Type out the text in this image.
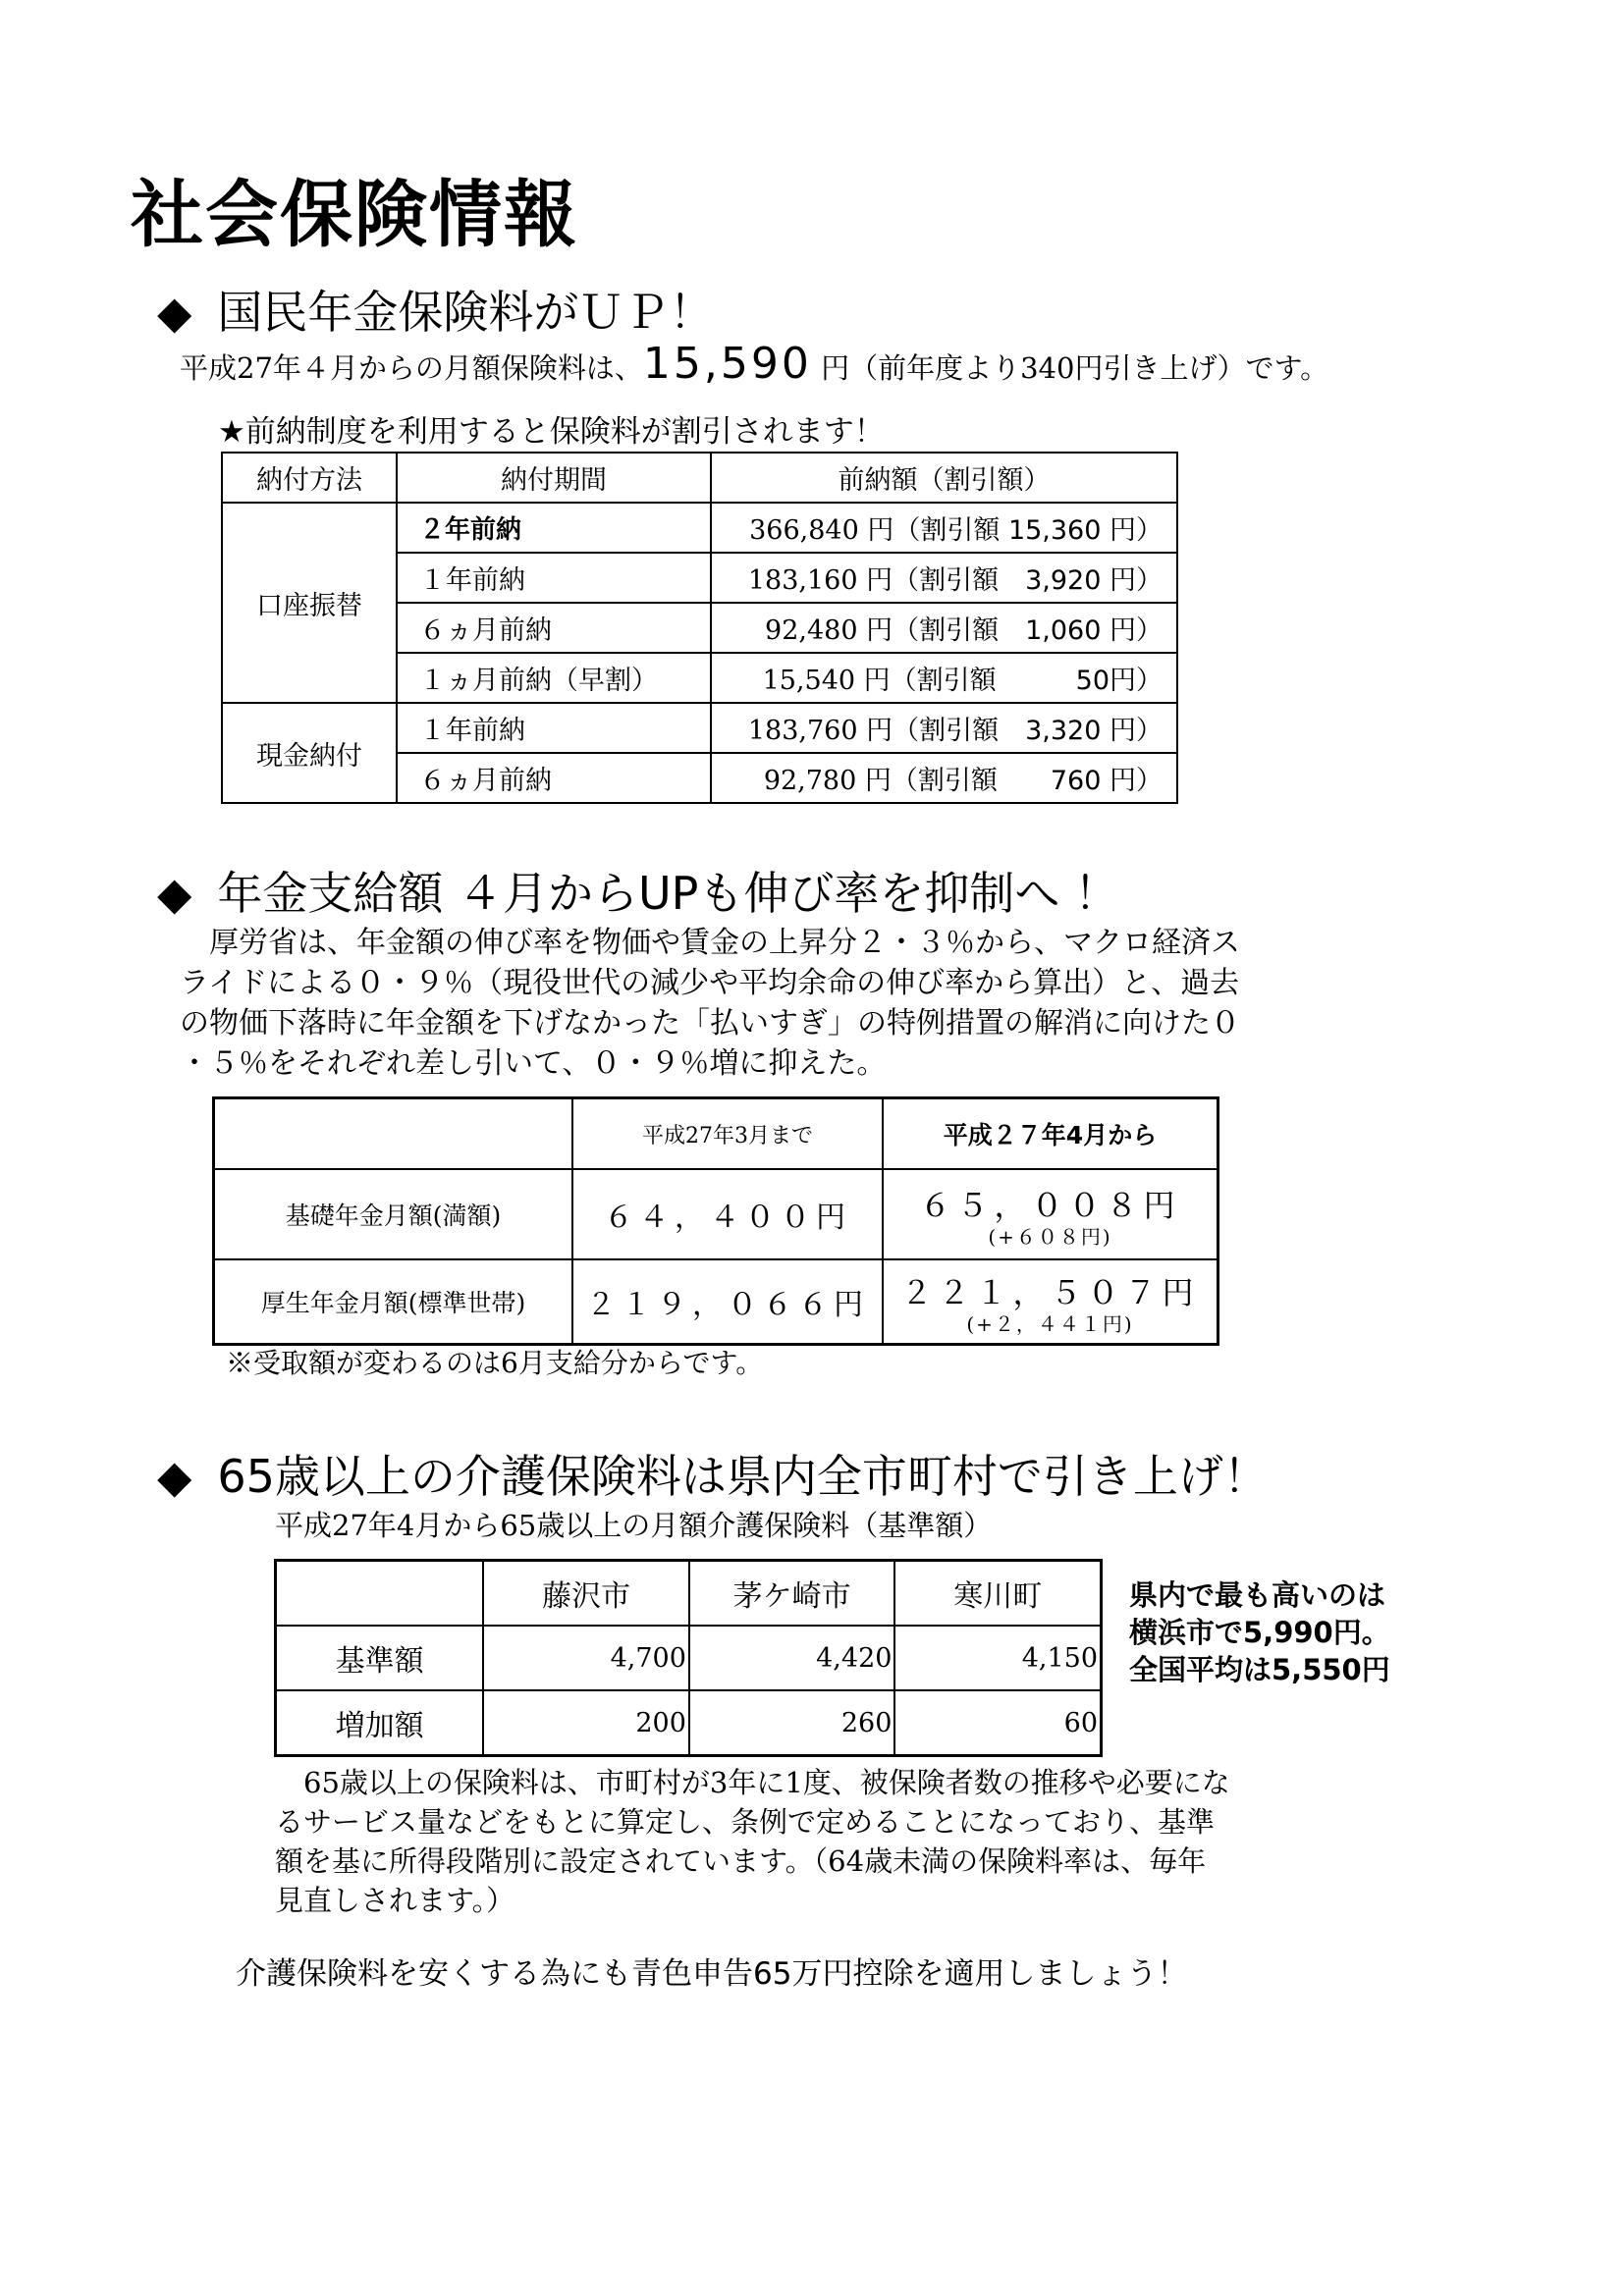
社会保険情報
◆ 国民年金保険料がＵＰ！
平成27年４月からの月額保険料は、15,590 円（前年度より340円引き上げ）です。
★前納制度を利用すると保険料が割引されます！
納付方法	納付期間	前納額（割引額）
口座振替	２年前納	366,840 円（割引額 15,360 円）
	１年前納	183,160 円（割引額　3,920 円）
	６ヵ月前納	92,480 円（割引額　1,060 円）
	１ヵ月前納（早割）	15,540 円（割引額　　　50円）
現金納付	１年前納	183,760 円（割引額　3,320 円）
	６ヵ月前納	92,780 円（割引額　　760 円）
◆ 年金支給額 ４月からUPも伸び率を抑制へ ！
　厚労省は、年金額の伸び率を物価や賃金の上昇分２・３％から、マクロ経済ス
ライドによる０・９％（現役世代の減少や平均余命の伸び率から算出）と、過去
の物価下落時に年金額を下げなかった「払いすぎ」の特例措置の解消に向けた０
・５％をそれぞれ差し引いて、０・９％増に抑えた。
	平成27年3月まで	平成２７年4月から
基礎年金月額(満額)	６４，４００円	６５，００８円
(+６０８円)

厚生年金月額(標準世帯)	２１９，０６６円	２２１，５０７円
(+２，４４１円)
※受取額が変わるのは6月支給分からです。
◆ 65歳以上の介護保険料は県内全市町村で引き上げ！
平成27年4月から65歳以上の月額介護保険料（基準額）
	藤沢市	茅ケ崎市	寒川町
基準額	4,700	4,420	4,150
増加額	200	260	60
県内で最も高いのは
横浜市で5,990円。
全国平均は5,550円
　65歳以上の保険料は、市町村が3年に1度、被保険者数の推移や必要にな
るサービス量などをもとに算定し、条例で定めることになっており、基準
額を基に所得段階別に設定されています。（64歳未満の保険料率は、毎年
見直しされます。）
介護保険料を安くする為にも青色申告65万円控除を適用しましょう！
